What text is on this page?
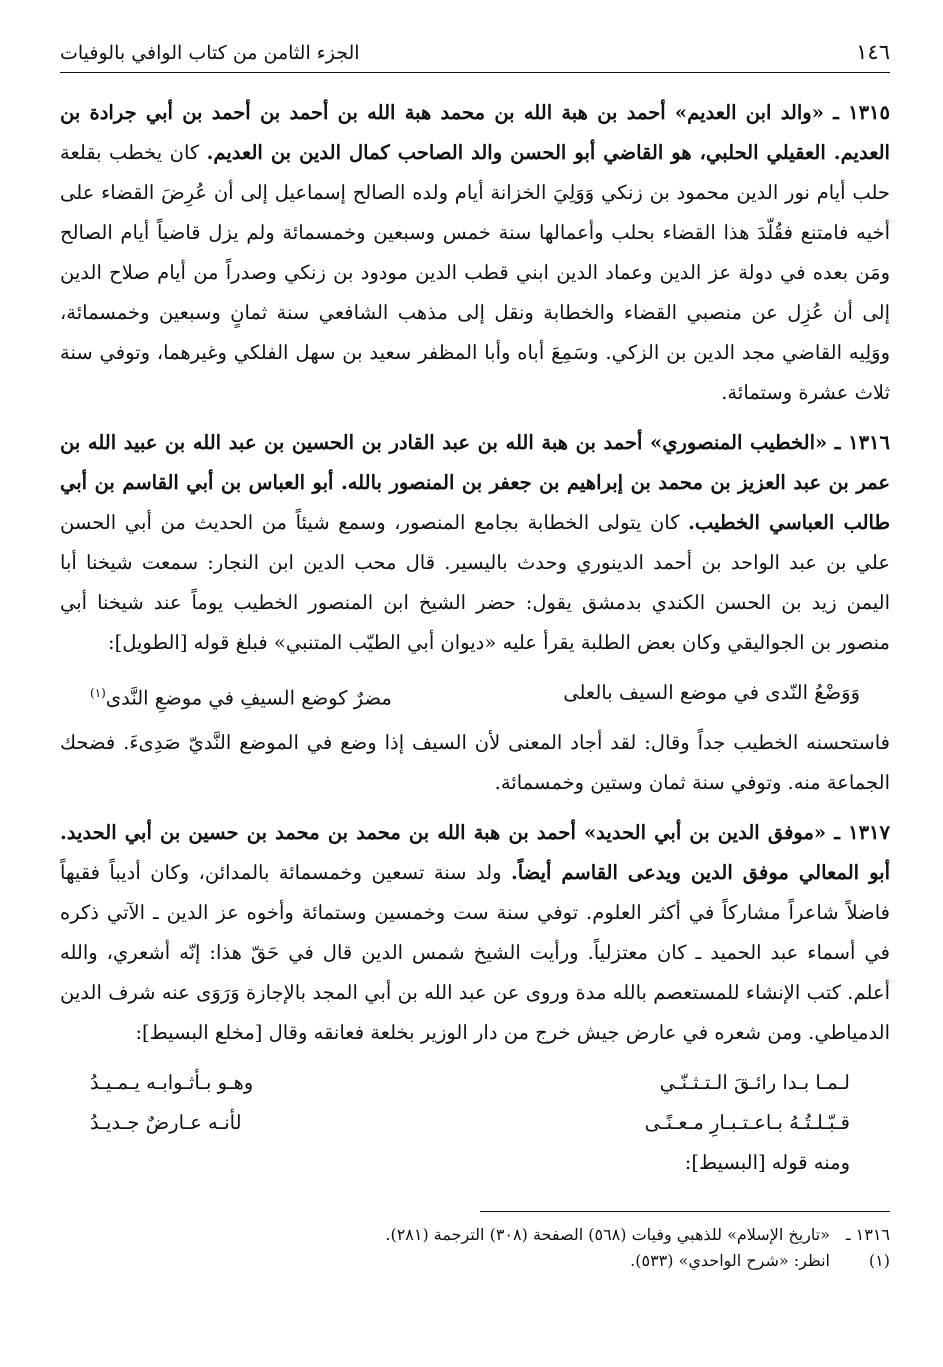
١٤٦
الجزء الثامن من كتاب الوافي بالوفيات
١٣١٥ ـ «والد ابن العديم» أحمد بن هبة الله بن محمد هبة الله بن أحمد بن أحمد بن أبي جرادة بن العديم. العقيلي الحلبي، هو القاضي أبو الحسن والد الصاحب كمال الدين بن العديم. كان يخطب بقلعة حلب أيام نور الدين محمود بن زنكي وَوَلِيَ الخزانة أيام ولده الصالح إسماعيل إلى أن عُرِضَ القضاء على أخيه فامتنع فقُلّدَ هذا القضاء بحلب وأعمالها سنة خمس وسبعين وخمسمائة ولم يزل قاضياً أيام الصالح ومَن بعده في دولة عز الدين وعماد الدين ابني قطب الدين مودود بن زنكي وصدراً من أيام صلاح الدين إلى أن عُزِل عن منصبي القضاء والخطابة ونقل إلى مذهب الشافعي سنة ثمانٍ وسبعين وخمسمائة، ووَلِيه القاضي مجد الدين بن الزكي. وسَمِعَ أباه وأبا المظفر سعيد بن سهل الفلكي وغيرهما، وتوفي سنة ثلاث عشرة وستمائة.
١٣١٦ ـ «الخطيب المنصوري» أحمد بن هبة الله بن عبد القادر بن الحسين بن عبد الله بن عبيد الله بن عمر بن عبد العزيز بن محمد بن إبراهيم بن جعفر بن المنصور بالله. أبو العباس بن أبي القاسم بن أبي طالب العباسي الخطيب. كان يتولى الخطابة بجامع المنصور، وسمع شيئاً من الحديث من أبي الحسن علي بن عبد الواحد بن أحمد الدينوري وحدث باليسير. قال محب الدين ابن النجار: سمعت شيخنا أبا اليمن زيد بن الحسن الكندي بدمشق يقول: حضر الشيخ ابن المنصور الخطيب يوماً عند شيخنا أبي منصور بن الجواليقي وكان بعض الطلبة يقرأ عليه «ديوان أبي الطيّب المتنبي» فبلغ قوله [الطويل]:
وَوَضْعُ النّدى في موضع السيف بالعلى
مضرٌ كوضع السيفِ في موضعِ النَّدى$^{(١)}$
فاستحسنه الخطيب جداً وقال: لقد أجاد المعنى لأن السيف إذا وضع في الموضع النَّديّ صَدِىءَ. فضحك الجماعة منه. وتوفي سنة ثمان وستين وخمسمائة.
١٣١٧ ـ «موفق الدين بن أبي الحديد» أحمد بن هبة الله بن محمد بن محمد بن حسين بن أبي الحديد. أبو المعالي موفق الدين ويدعى القاسم أيضاً. ولد سنة تسعين وخمسمائة بالمدائن، وكان أديباً فقيهاً فاضلاً شاعراً مشاركاً في أكثر العلوم. توفي سنة ست وخمسين وستمائة وأخوه عز الدين ـ الآتي ذكره في أسماء عبد الحميد ـ كان معتزلياً. ورأيت الشيخ شمس الدين قال في حَقّ هذا: إنّه أشعري، والله أعلم. كتب الإنشاء للمستعصم بالله مدة وروى عن عبد الله بن أبي المجد بالإجازة وَرَوَى عنه شرف الدين الدمياطي. ومن شعره في عارض جيش خرج من دار الوزير بخلعة فعانقه وقال [مخلع البسيط]:
لـمـا بـدا رائـقَ الـتـثـنّـي
وهـو بـأثـوابـه يـمـيـدُ
قـبّـلـتُـهُ بـاعـتـبـارِ مـعـنًـى
لأنـه عـارضٌ جـديـدُ
ومنه قوله [البسيط]:
١٣١٦ ـ«تاريخ الإسلام» للذهبي وفيات (٥٦٨) الصفحة (٣٠٨) الترجمة (٢٨١).
(١)انظر: «شرح الواحدي» (٥٣٣).
